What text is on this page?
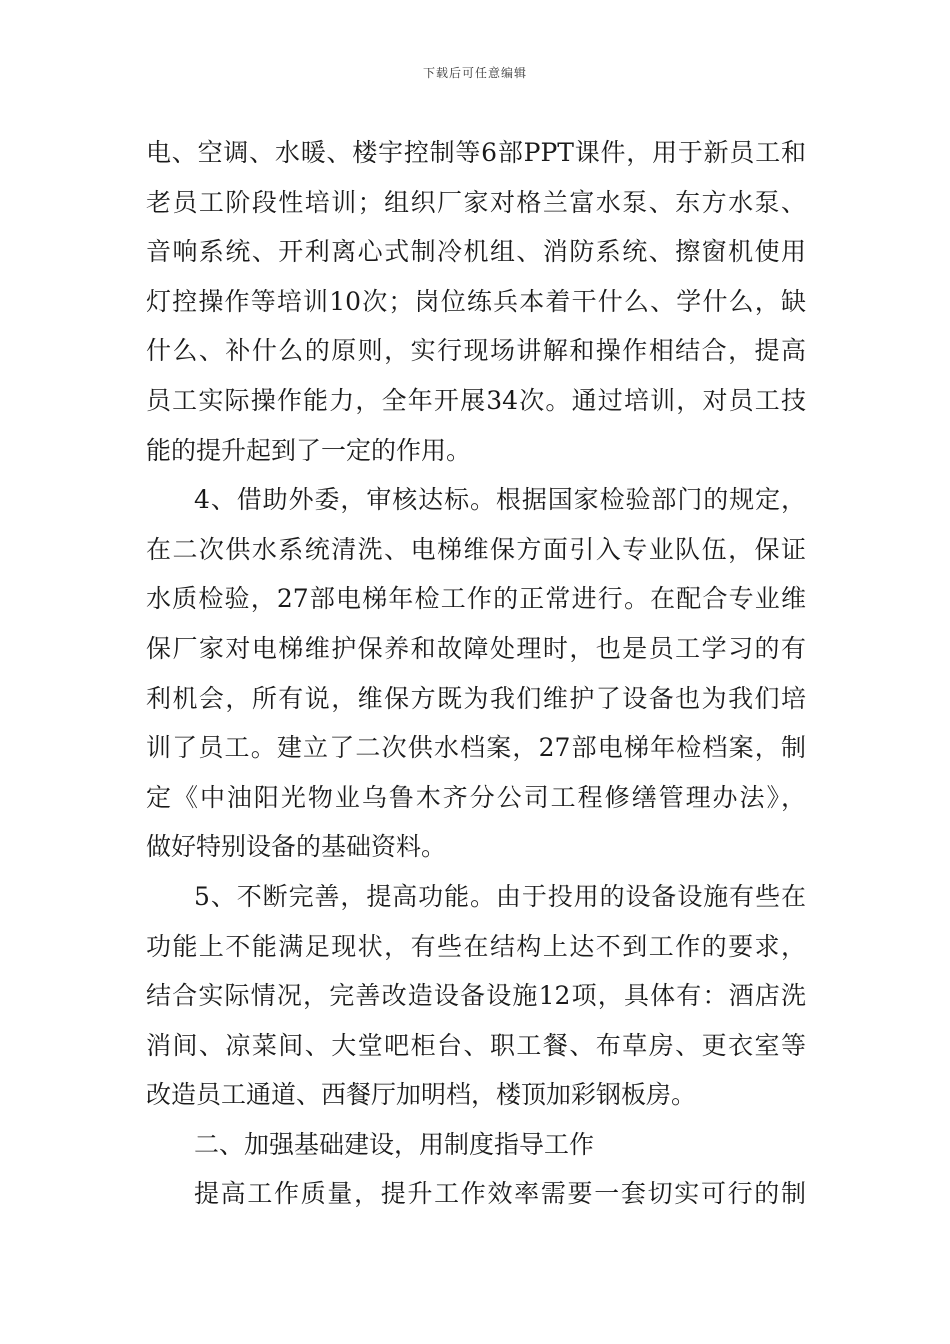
下载后可任意编辑
电、空调、水暖、楼宇控制等6部PPT课件，用于新员工和
老员工阶段性培训；组织厂家对格兰富水泵、东方水泵、
音响系统、开利离心式制冷机组、消防系统、擦窗机使用
灯控操作等培训10次；岗位练兵本着干什么、学什么，缺
什么、补什么的原则，实行现场讲解和操作相结合，提高
员工实际操作能力，全年开展34次。通过培训，对员工技
能的提升起到了一定的作用。
4、借助外委，审核达标。根据国家检验部门的规定，
在二次供水系统清洗、电梯维保方面引入专业队伍，保证
水质检验，27部电梯年检工作的正常进行。在配合专业维
保厂家对电梯维护保养和故障处理时，也是员工学习的有
利机会，所有说，维保方既为我们维护了设备也为我们培
训了员工。建立了二次供水档案，27部电梯年检档案，制
定《中油阳光物业乌鲁木齐分公司工程修缮管理办法》，
做好特别设备的基础资料。
5、不断完善，提高功能。由于投用的设备设施有些在
功能上不能满足现状，有些在结构上达不到工作的要求，
结合实际情况，完善改造设备设施12项，具体有：酒店洗
消间、凉菜间、大堂吧柜台、职工餐、布草房、更衣室等
改造员工通道、西餐厅加明档，楼顶加彩钢板房。
二、加强基础建设，用制度指导工作
提高工作质量，提升工作效率需要一套切实可行的制
